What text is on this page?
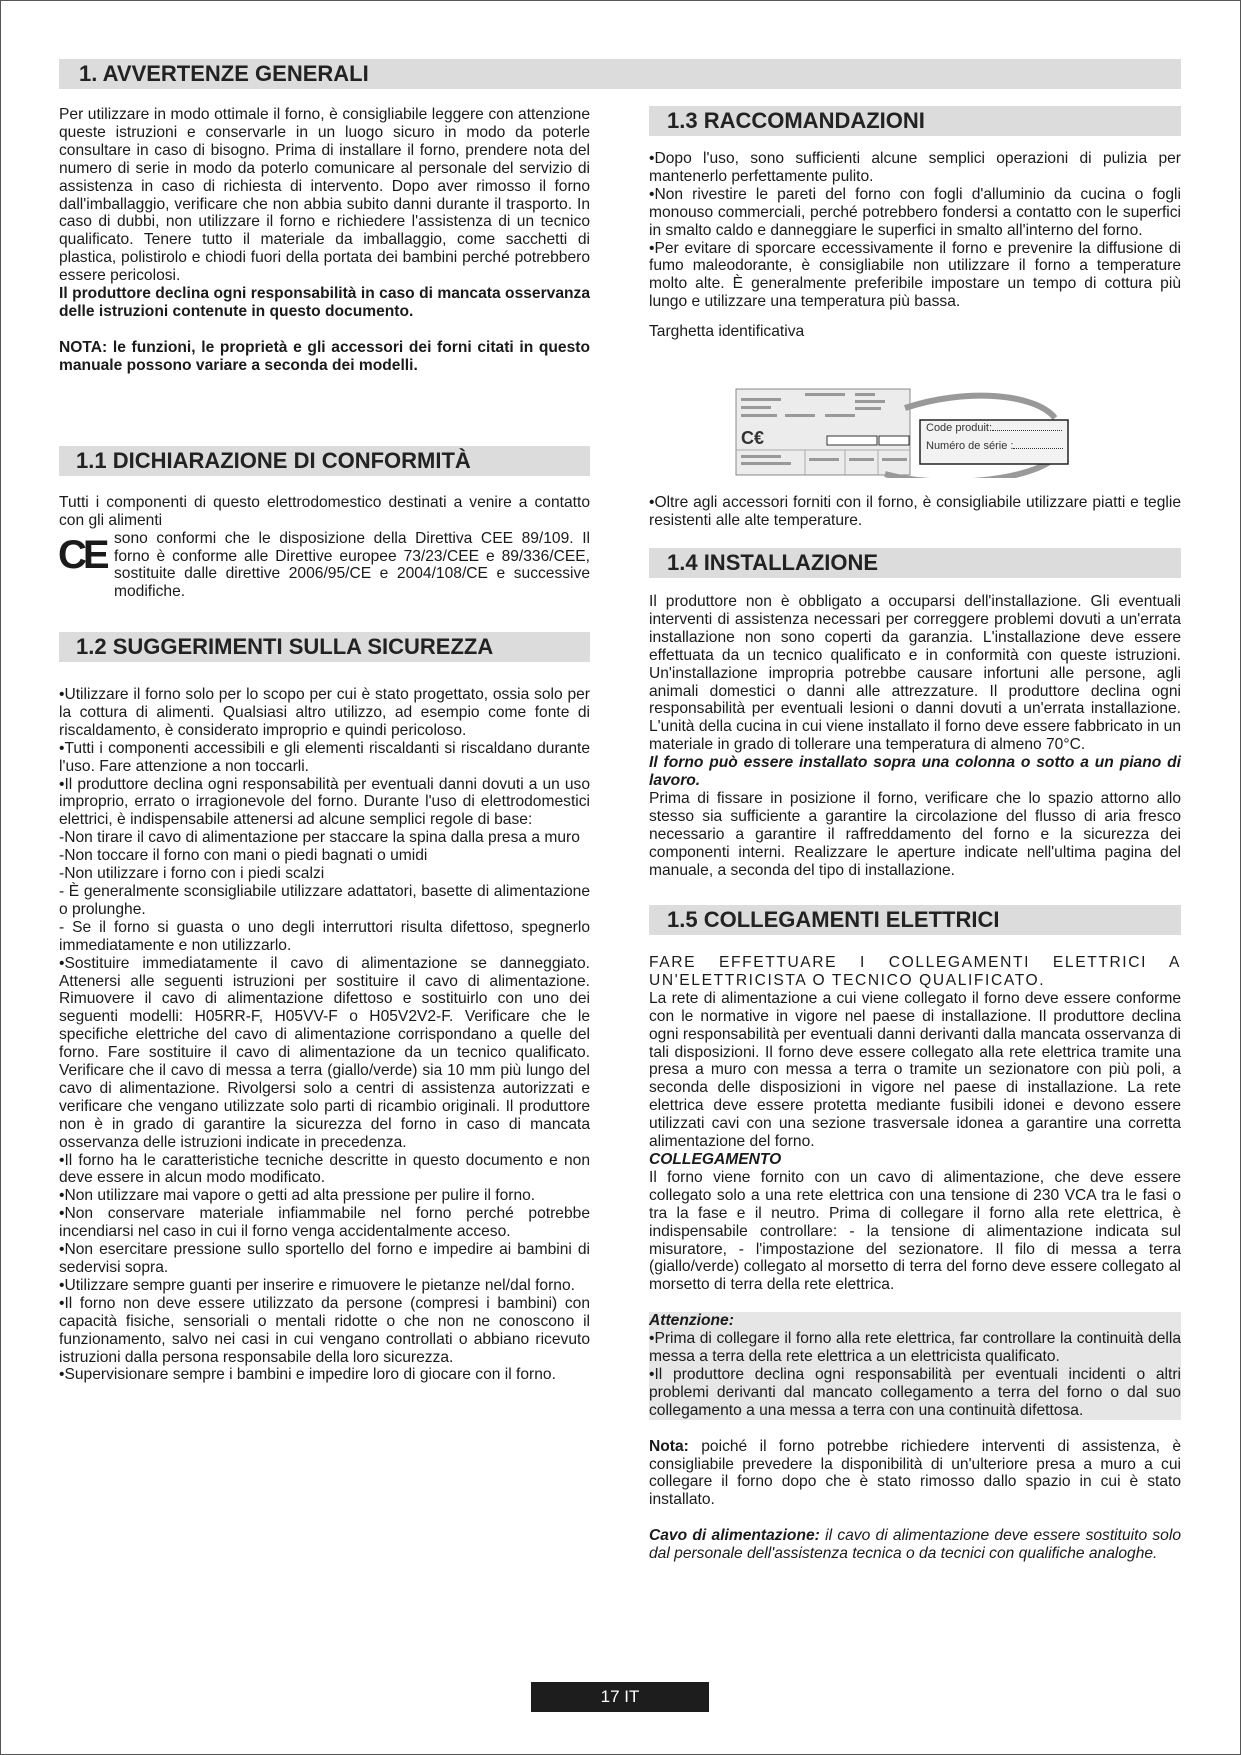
1. AVVERTENZE GENERALI

Per utilizzare in modo ottimale il forno, è consigliabile leggere con attenzione queste istruzioni e conservarle in un luogo sicuro in modo da poterle consultare in caso di bisogno. Prima di installare il forno, prendere nota del numero di serie in modo da poterlo comunicare al personale del servizio di assistenza in caso di richiesta di intervento. Dopo aver rimosso il forno dall'imballaggio, verificare che non abbia subito danni durante il trasporto. In caso di dubbi, non utilizzare il forno e richiedere l'assistenza di un tecnico qualificato. Tenere tutto il materiale da imballaggio, come sacchetti di plastica, polistirolo e chiodi fuori della portata dei bambini perché potrebbero essere pericolosi.

Il produttore declina ogni responsabilità in caso di mancata osservanza delle istruzioni contenute in questo documento.

NOTA: le funzioni, le proprietà e gli accessori dei forni citati in questo manuale possono variare a seconda dei modelli.

1.1 DICHIARAZIONE DI CONFORMITÀ

Tutti i componenti di questo elettrodomestico destinati a venire a contatto con gli alimenti

CE sono conformi che le disposizione della Direttiva CEE 89/109. Il forno è conforme alle Direttive europee 73/23/CEE e 89/336/CEE, sostituite dalle direttive 2006/95/CE e 2004/108/CE e successive modifiche.
1.2 SUGGERIMENTI SULLA SICUREZZA

•Utilizzare il forno solo per lo scopo per cui è stato progettato, ossia solo per la cottura di alimenti. Qualsiasi altro utilizzo, ad esempio come fonte di riscaldamento, è considerato improprio e quindi pericoloso.

•Tutti i componenti accessibili e gli elementi riscaldanti si riscaldano durante l'uso. Fare attenzione a non toccarli.

•Il produttore declina ogni responsabilità per eventuali danni dovuti a un uso improprio, errato o irragionevole del forno. Durante l'uso di elettrodomestici elettrici, è indispensabile attenersi ad alcune semplici regole di base:

-Non tirare il cavo di alimentazione per staccare la spina dalla presa a muro

-Non toccare il forno con mani o piedi bagnati o umidi

-Non utilizzare i forno con i piedi scalzi

- È generalmente sconsigliabile utilizzare adattatori, basette di alimentazione o prolunghe.

- Se il forno si guasta o uno degli interruttori risulta difettoso, spegnerlo immediatamente e non utilizzarlo.

•Sostituire immediatamente il cavo di alimentazione se danneggiato. Attenersi alle seguenti istruzioni per sostituire il cavo di alimentazione. Rimuovere il cavo di alimentazione difettoso e sostituirlo con uno dei seguenti modelli: H05RR-F, H05VV-F o H05V2V2-F. Verificare che le specifiche elettriche del cavo di alimentazione corrispondano a quelle del forno. Fare sostituire il cavo di alimentazione da un tecnico qualificato. Verificare che il cavo di messa a terra (giallo/verde) sia 10 mm più lungo del cavo di alimentazione. Rivolgersi solo a centri di assistenza autorizzati e verificare che vengano utilizzate solo parti di ricambio originali. Il produttore non è in grado di garantire la sicurezza del forno in caso di mancata osservanza delle istruzioni indicate in precedenza.

•Il forno ha le caratteristiche tecniche descritte in questo documento e non deve essere in alcun modo modificato.

•Non utilizzare mai vapore o getti ad alta pressione per pulire il forno.

•Non conservare materiale infiammabile nel forno perché potrebbe incendiarsi nel caso in cui il forno venga accidentalmente acceso.

•Non esercitare pressione sullo sportello del forno e impedire ai bambini di sedervisi sopra.

•Utilizzare sempre guanti per inserire e rimuovere le pietanze nel/dal forno.

•Il forno non deve essere utilizzato da persone (compresi i bambini) con capacità fisiche, sensoriali o mentali ridotte o che non ne conoscono il funzionamento, salvo nei casi in cui vengano controllati o abbiano ricevuto istruzioni dalla persona responsabile della loro sicurezza.

•Supervisionare sempre i bambini e impedire loro di giocare con il forno.

1.3 RACCOMANDAZIONI

•Dopo l'uso, sono sufficienti alcune semplici operazioni di pulizia per mantenerlo perfettamente pulito.

•Non rivestire le pareti del forno con fogli d'alluminio da cucina o fogli monouso commerciali, perché potrebbero fondersi a contatto con le superfici in smalto caldo e danneggiare le superfici in smalto all'interno del forno.

•Per evitare di sporcare eccessivamente il forno e prevenire la diffusione di fumo maleodorante, è consigliabile non utilizzare il forno a temperature molto alte. È generalmente preferibile impostare un tempo di cottura più lungo e utilizzare una temperatura più bassa.

Targhetta identificativa

C€	Code produit:
Numéro de série :

•Oltre agli accessori forniti con il forno, è consigliabile utilizzare piatti e teglie resistenti alle alte temperature.

1.4 INSTALLAZIONE

Il produttore non è obbligato a occuparsi dell'installazione. Gli eventuali interventi di assistenza necessari per correggere problemi dovuti a un'errata installazione non sono coperti da garanzia. L'installazione deve essere effettuata da un tecnico qualificato e in conformità con queste istruzioni. Un'installazione impropria potrebbe causare infortuni alle persone, agli animali domestici o danni alle attrezzature. Il produttore declina ogni responsabilità per eventuali lesioni o danni dovuti a un'errata installazione. L'unità della cucina in cui viene installato il forno deve essere fabbricato in un materiale in grado di tollerare una temperatura di almeno 70°C.

Il forno può essere installato sopra una colonna o sotto a un piano di lavoro.

Prima di fissare in posizione il forno, verificare che lo spazio attorno allo stesso sia sufficiente a garantire la circolazione del flusso di aria fresco necessario a garantire il raffreddamento del forno e la sicurezza dei componenti interni. Realizzare le aperture indicate nell'ultima pagina del manuale, a seconda del tipo di installazione.

1.5 COLLEGAMENTI ELETTRICI

FARE EFFETTUARE I COLLEGAMENTI ELETTRICI A UN'ELETTRICISTA O TECNICO QUALIFICATO.

La rete di alimentazione a cui viene collegato il forno deve essere conforme con le normative in vigore nel paese di installazione. Il produttore declina ogni responsabilità per eventuali danni derivanti dalla mancata osservanza di tali disposizioni. Il forno deve essere collegato alla rete elettrica tramite una presa a muro con messa a terra o tramite un sezionatore con più poli, a seconda delle disposizioni in vigore nel paese di installazione. La rete elettrica deve essere protetta mediante fusibili idonei e devono essere utilizzati cavi con una sezione trasversale idonea a garantire una corretta alimentazione del forno.

COLLEGAMENTO

Il forno viene fornito con un cavo di alimentazione, che deve essere collegato solo a una rete elettrica con una tensione di 230 VCA tra le fasi o tra la fase e il neutro. Prima di collegare il forno alla rete elettrica, è indispensabile controllare: - la tensione di alimentazione indicata sul misuratore, - l'impostazione del sezionatore. Il filo di messa a terra (giallo/verde) collegato al morsetto di terra del forno deve essere collegato al morsetto di terra della rete elettrica.

Attenzione:

•Prima di collegare il forno alla rete elettrica, far controllare la continuità della messa a terra della rete elettrica a un elettricista qualificato.

•Il produttore declina ogni responsabilità per eventuali incidenti o altri problemi derivanti dal mancato collegamento a terra del forno o dal suo collegamento a una messa a terra con una continuità difettosa.

Nota: poiché il forno potrebbe richiedere interventi di assistenza, è consigliabile prevedere la disponibilità di un'ulteriore presa a muro a cui collegare il forno dopo che è stato rimosso dallo spazio in cui è stato installato.

Cavo di alimentazione: il cavo di alimentazione deve essere sostituito solo dal personale dell'assistenza tecnica o da tecnici con qualifiche analoghe.

17 IT
